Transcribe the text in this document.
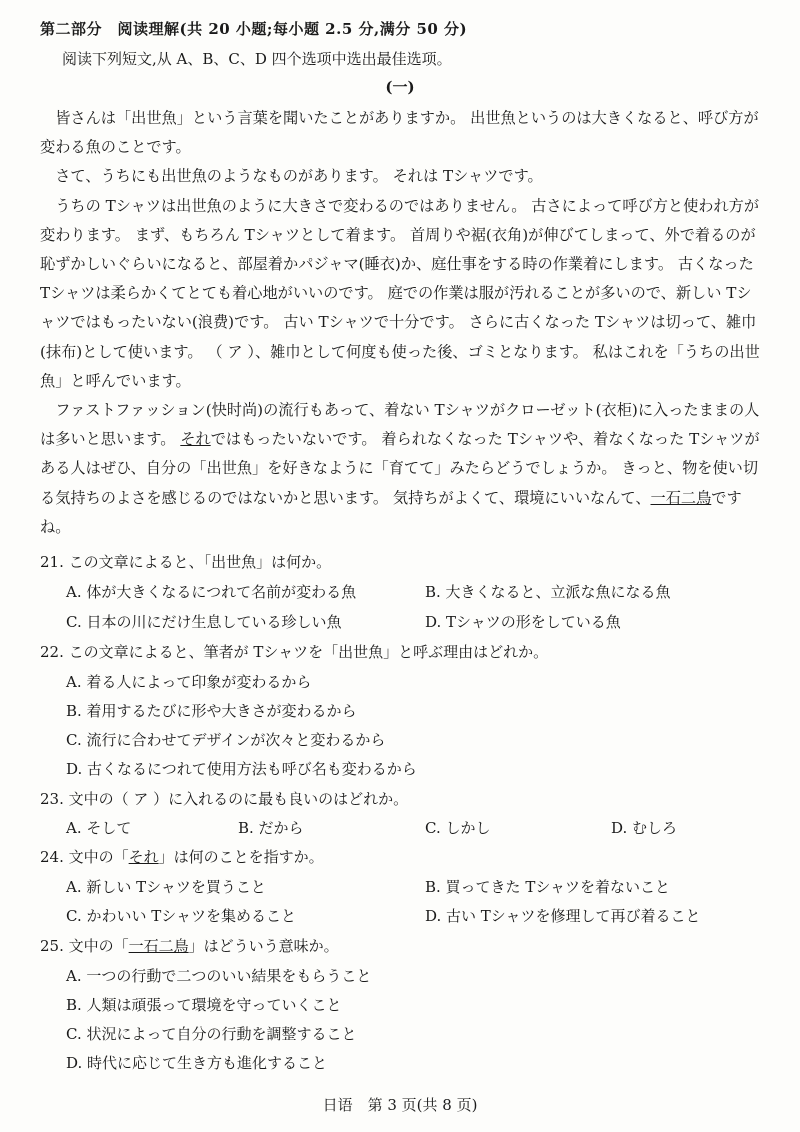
第二部分　阅读理解(共 20 小题;每小题 2.5 分,满分 50 分)
阅读下列短文,从 A、B、C、D 四个选项中选出最佳选项。
(一)

皆さんは「出世魚」という言葉を聞いたことがありますか。 出世魚というのは大きくなると、呼び方が変わる魚のことです。

さて、うちにも出世魚のようなものがあります。 それは Tシャツです。

うちの Tシャツは出世魚のように大きさで変わるのではありません。 古さによって呼び方と使われ方が変わります。 まず、もちろん Tシャツとして着ます。 首周りや裾(衣角)が伸びてしまって、外で着るのが恥ずかしいぐらいになると、部屋着かパジャマ(睡衣)か、庭仕事をする時の作業着にします。 古くなった Tシャツは柔らかくてとても着心地がいいのです。 庭での作業は服が汚れることが多いので、新しい Tシャツではもったいない(浪费)です。 古い Tシャツで十分です。 さらに古くなった Tシャツは切って、雑巾(抹布)として使います。 （ ア ）、雑巾として何度も使った後、ゴミとなります。 私はこれを「うちの出世魚」と呼んでいます。

ファストファッション(快时尚)の流行もあって、着ない Tシャツがクローゼット(衣柜)に入ったままの人は多いと思います。 それではもったいないです。 着られなくなった Tシャツや、着なくなった Tシャツがある人はぜひ、自分の「出世魚」を好きなように「育てて」みたらどうでしょうか。 きっと、物を使い切る気持ちのよさを感じるのではないかと思います。 気持ちがよくて、環境にいいなんて、一石二鳥ですね。

21. この文章によると、「出世魚」は何か。
A. 体が大きくなるにつれて名前が変わる魚	B. 大きくなると、立派な魚になる魚
C. 日本の川にだけ生息している珍しい魚	D. Tシャツの形をしている魚
22. この文章によると、筆者が Tシャツを「出世魚」と呼ぶ理由はどれか。
A. 着る人によって印象が変わるから
B. 着用するたびに形や大きさが変わるから
C. 流行に合わせてデザインが次々と変わるから
D. 古くなるにつれて使用方法も呼び名も変わるから
23. 文中の（ ア ）に入れるのに最も良いのはどれか。
A. そして	B. だから	C. しかし	D. むしろ
24. 文中の「それ」は何のことを指すか。
A. 新しい Tシャツを買うこと	B. 買ってきた Tシャツを着ないこと
C. かわいい Tシャツを集めること	D. 古い Tシャツを修理して再び着ること
25. 文中の「一石二鳥」はどういう意味か。
A. 一つの行動で二つのいい結果をもらうこと
B. 人類は頑張って環境を守っていくこと
C. 状況によって自分の行動を調整すること
D. 時代に応じて生き方も進化すること
日语　第 3 页(共 8 页)
